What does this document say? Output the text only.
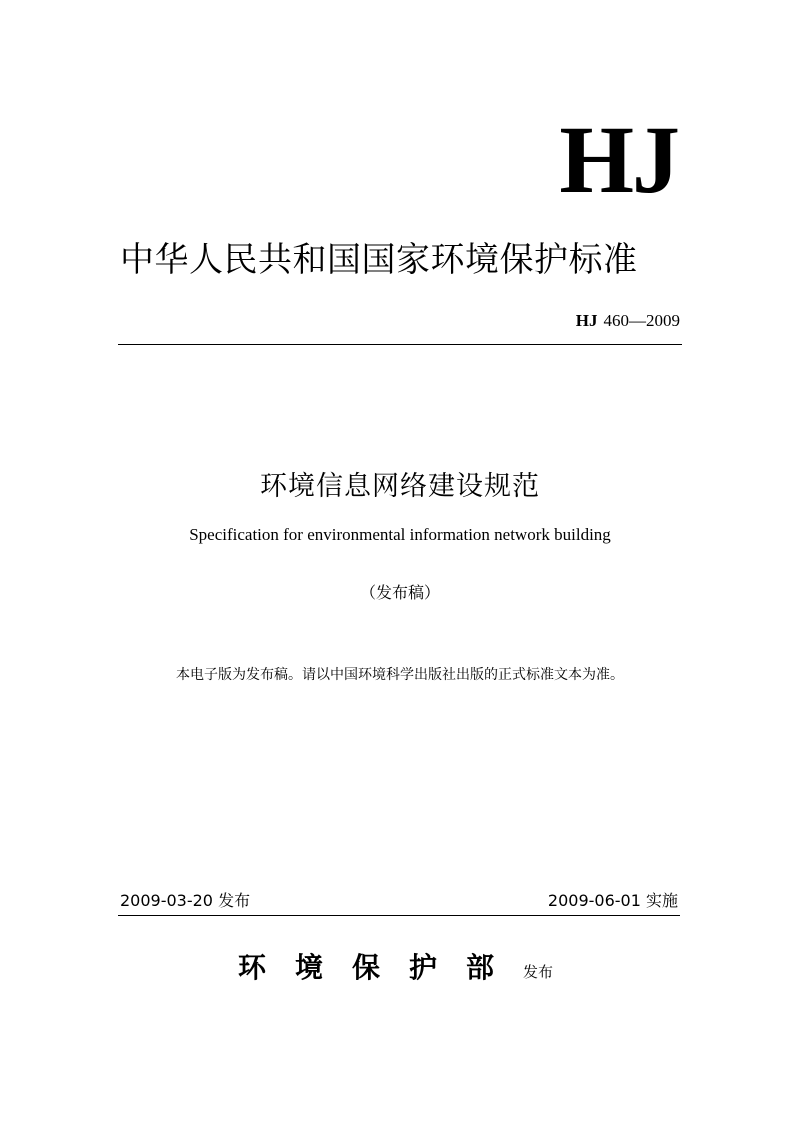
HJ
中华人民共和国国家环境保护标准
HJ 460—2009
环境信息网络建设规范
Specification for environmental information network building
（发布稿）
本电子版为发布稿。请以中国环境科学出版社出版的正式标准文本为准。
2009-03-20 发布	2009-06-01 实施
环境保护部发布
